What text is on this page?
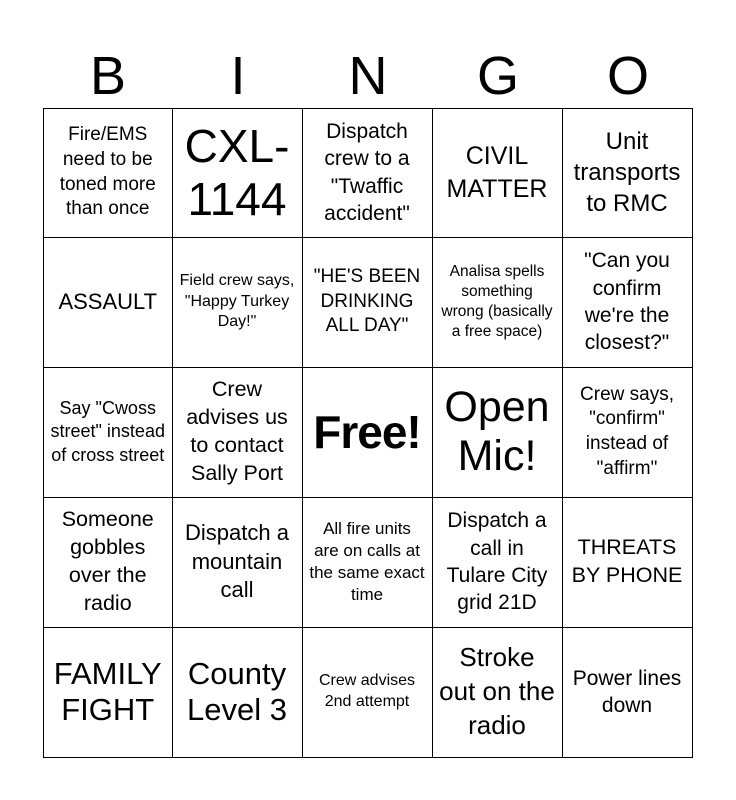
B	I	N	G	O
Fire/EMS need to be toned more than once
CXL-1144
Dispatch crew to a "Twaffic accident"
CIVIL MATTER
Unit transports to RMC
ASSAULT
Field crew says, "Happy Turkey Day!"
"HE'S BEEN DRINKING ALL DAY"
Analisa spells something wrong (basically a free space)
"Can you confirm we're the closest?"
Say "Cwoss street" instead of cross street
Crew advises us to contact Sally Port
Free! Open Mic!
Crew says, "confirm" instead of "affirm"
Someone gobbles over the radio
Dispatch a mountain call
All fire units are on calls at the same exact time
Dispatch a call in Tulare City grid 21D
THREATS BY PHONE
FAMILY FIGHT
County Level 3
Crew advises 2nd attempt
Stroke out on the radio
Power lines down
